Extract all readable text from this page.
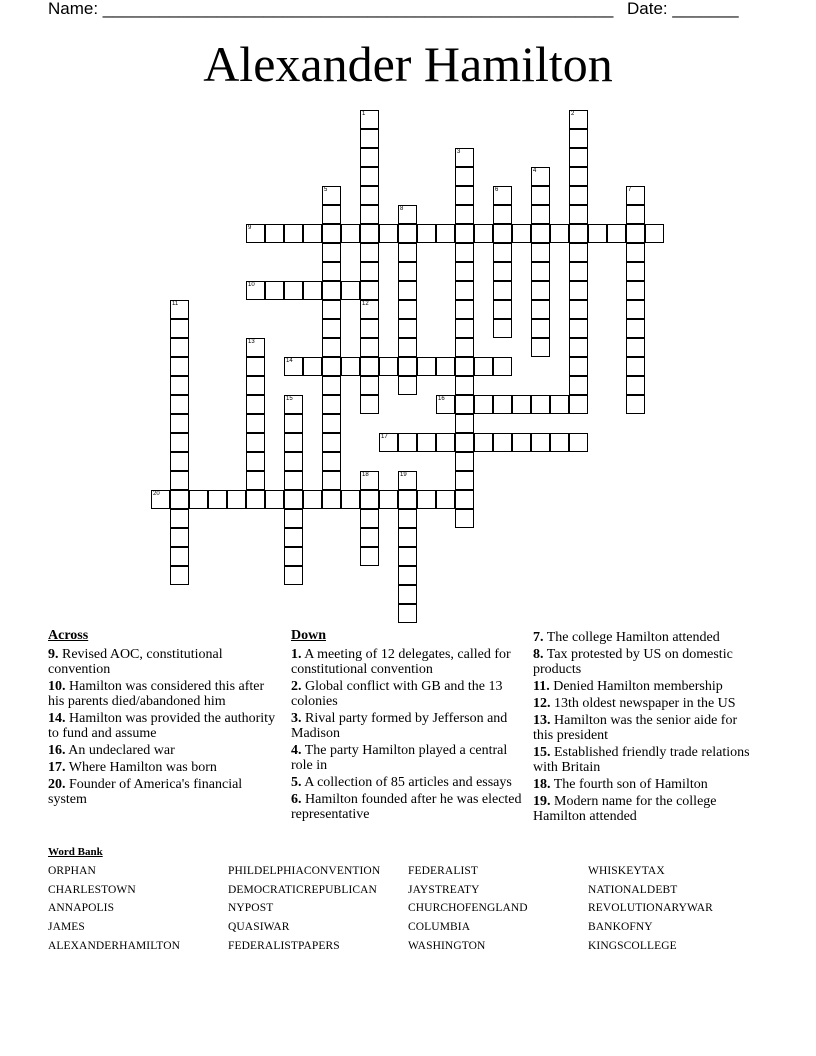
Name: ______________________________________________________ Date: _______
Alexander Hamilton
9
10
14
16
17
20
1
12
2
3
4
5	6	7
8
11
13
15
18	19
Across
9. Revised AOC, constitutional convention
10. Hamilton was considered this after his parents died/abandoned him
14. Hamilton was provided the authority to fund and assume
16. An undeclared war
17. Where Hamilton was born
20. Founder of America's financial system
Down
1. A meeting of 12 delegates, called for constitutional convention
2. Global conflict with GB and the 13 colonies
3. Rival party formed by Jefferson and Madison
4. The party Hamilton played a central role in
5. A collection of 85 articles and essays
6. Hamilton founded after he was elected representative
7. The college Hamilton attended
8. Tax protested by US on domestic products
11. Denied Hamilton membership
12. 13th oldest newspaper in the US
13. Hamilton was the senior aide for this president
15. Established friendly trade relations with Britain
18. The fourth son of Hamilton
19. Modern name for the college Hamilton attended
Word Bank
ORPHAN
CHARLESTOWN
ANNAPOLIS
JAMES
ALEXANDERHAMILTON
PHILDELPHIACONVENTION
DEMOCRATICREPUBLICAN
NYPOST
QUASIWAR
FEDERALISTPAPERS
FEDERALIST
JAYSTREATY
CHURCHOFENGLAND
COLUMBIA
WASHINGTON
WHISKEYTAX
NATIONALDEBT
REVOLUTIONARYWAR
BANKOFNY
KINGSCOLLEGE
